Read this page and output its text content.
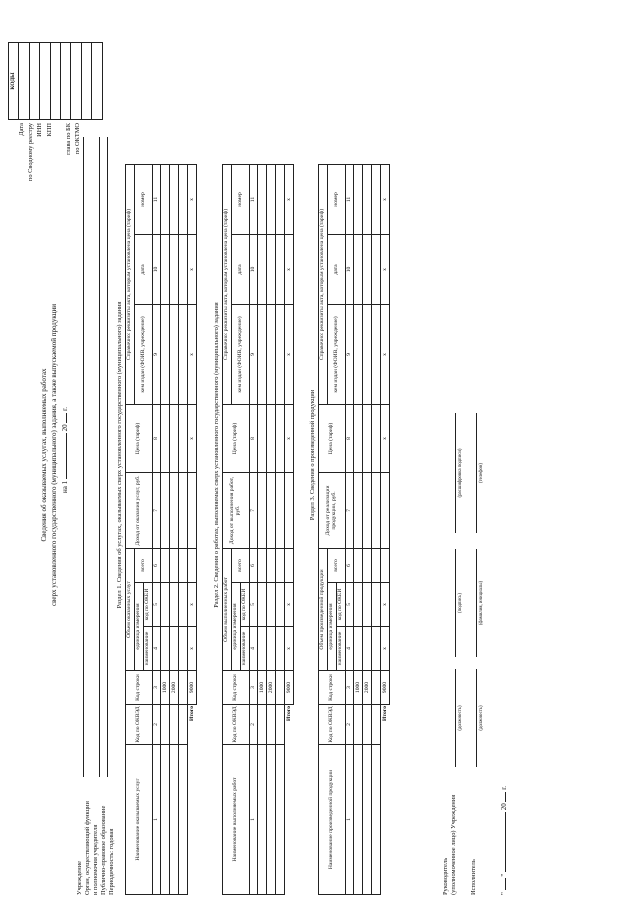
Сведения об оказываемых услугах, выполняемых работах сверх установленного государственного (муниципального) задания, а также выпускаемой продукции на 1  20  г.
КОДЫ

Дата по Сводному реестру ИНН КПП глава по БК по ОКТМО
Учреждение Орган, осуществляющий функции и полномочия учредителя Публично-правовое образование Периодичность: годовая
Раздел 1. Сведения об услугах, оказываемых сверх установленного государственного (муниципального) задания
Наименование оказываемых услуг	Код по ОКВЭД	Код строки	Объем оказанных услуг			Доход от оказания услуг, руб.	Цена (тариф)	Справочно: реквизиты акта, которым установлена цена (тариф)		
			единица измерения		всего			кем издан (ФОИВ, учреждение)	дата	номер
			наименование	код по ОКЕИ						
1	2	3	4	5	6	7	8	9	10	11
		1000								
		2000								

Итого		9000	x	x			x	x	x	x
Раздел 2. Сведения о работах, выполняемых сверх установленного государственного (муниципального) задания
Наименование выполняемых работ	Код по ОКВЭД	Код строки	Объем выполненных работ			Доход от выполнения работ, руб.	Цена (тариф)	Справочно: реквизиты акта, которым установлена цена (тариф)		
			единица измерения		всего			кем издан (ФОИВ, учреждение)	дата	номер
			наименование	код по ОКЕИ						
1	2	3	4	5	6	7	8	9	10	11
		1000								
		2000								

Итого		9000	x	x			x	x	x	x
Раздел 3. Сведения о произведенной продукции
Наименование произведенной продукции	Код по ОКВЭД	Код строки	Объем произведенной продукции			Доход от реализации продукции, руб.	Цена (тариф)	Справочно: реквизиты акта, которым установлена цена (тариф)		
			единица измерения		всего			кем издан (ФОИВ, учреждение)	дата	номер
			наименование	код по ОКЕИ						
1	2	3	4	5	6	7	8	9	10	11
		1000								
		2000								

Итого		9000	x	x			x	x	x	x
Руководитель (уполномоченное лицо) Учреждения
(должность)
(подпись)
(расшифровка подписи)
Исполнитель
(должность)
(фамилия, инициалы)
(телефон)
"  "  20  г.
